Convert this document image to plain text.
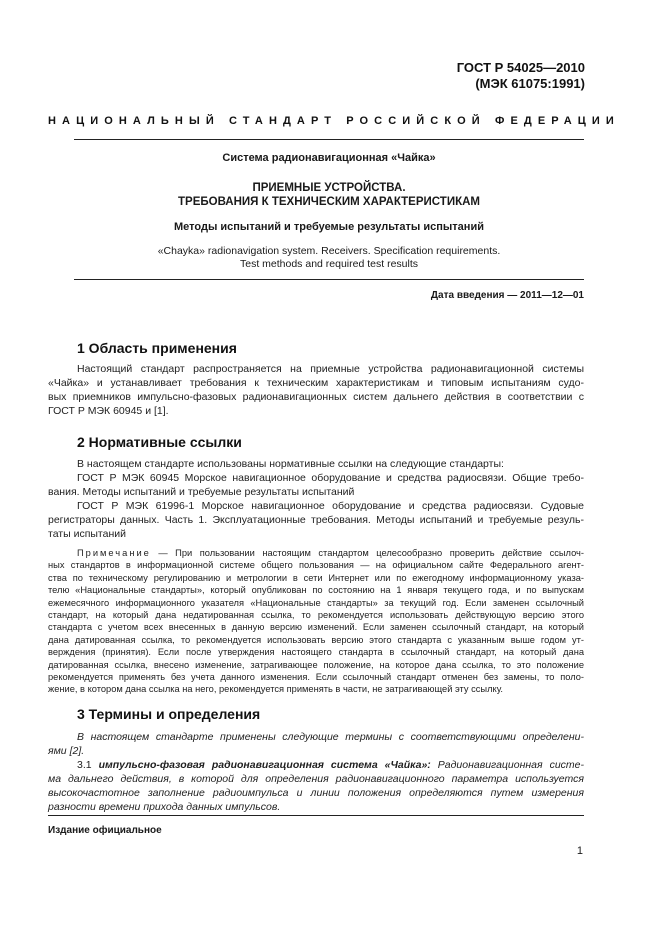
ГОСТ Р 54025—2010
(МЭК 61075:1991)
НАЦИОНАЛЬНЫЙ СТАНДАРТ РОССИЙСКОЙ ФЕДЕРАЦИИ
Система радионавигационная «Чайка»
ПРИЕМНЫЕ УСТРОЙСТВА.
ТРЕБОВАНИЯ К ТЕХНИЧЕСКИМ ХАРАКТЕРИСТИКАМ
Методы испытаний и требуемые результаты испытаний
«Chayka» radionavigation system. Receivers. Specification requirements.
Test methods and required test results
Дата введения — 2011—12—01
1 Область применения
Настоящий стандарт распространяется на приемные устройства радионавигационной системы
«Чайка» и устанавливает требования к техническим характеристикам и типовым испытаниям судо-
вых приемников импульсно-фазовых радионавигационных систем дальнего действия в соответствии с
ГОСТ Р МЭК 60945 и [1].
2 Нормативные ссылки
В настоящем стандарте использованы нормативные ссылки на следующие стандарты:
ГОСТ Р МЭК 60945 Морское навигационное оборудование и средства радиосвязи. Общие требо-
вания. Методы испытаний и требуемые результаты испытаний
ГОСТ Р МЭК 61996-1 Морское навигационное оборудование и средства радиосвязи. Судовые
регистраторы данных. Часть 1. Эксплуатационные требования. Методы испытаний и требуемые резуль-
таты испытаний
Примечание — При пользовании настоящим стандартом целесообразно проверить действие ссылоч-
ных стандартов в информационной системе общего пользования — на официальном сайте Федерального агент-
ства по техническому регулированию и метрологии в сети Интернет или по ежегодному информационному указа-
телю «Национальные стандарты», который опубликован по состоянию на 1 января текущего года, и по выпускам
ежемесячного информационного указателя «Национальные стандарты» за текущий год. Если заменен ссылочный
стандарт, на который дана недатированная ссылка, то рекомендуется использовать действующую версию этого
стандарта с учетом всех внесенных в данную версию изменений. Если заменен ссылочный стандарт, на который
дана датированная ссылка, то рекомендуется использовать версию этого стандарта с указанным выше годом ут-
верждения (принятия). Если после утверждения настоящего стандарта в ссылочный стандарт, на который дана
датированная ссылка, внесено изменение, затрагивающее положение, на которое дана ссылка, то это положение
рекомендуется применять без учета данного изменения. Если ссылочный стандарт отменен без замены, то поло-
жение, в котором дана ссылка на него, рекомендуется применять в части, не затрагивающей эту ссылку.
3 Термины и определения
В настоящем стандарте применены следующие термины с соответствующими определени-
ями [2].
3.1 импульсно-фазовая радионавигационная система «Чайка»: Радионавигационная систе-
ма дальнего действия, в которой для определения радионавигационного параметра используется
высокочастотное заполнение радиоимпульса и линии положения определяются путем измерения
разности времени прихода данных импульсов.
Издание официальное
1
